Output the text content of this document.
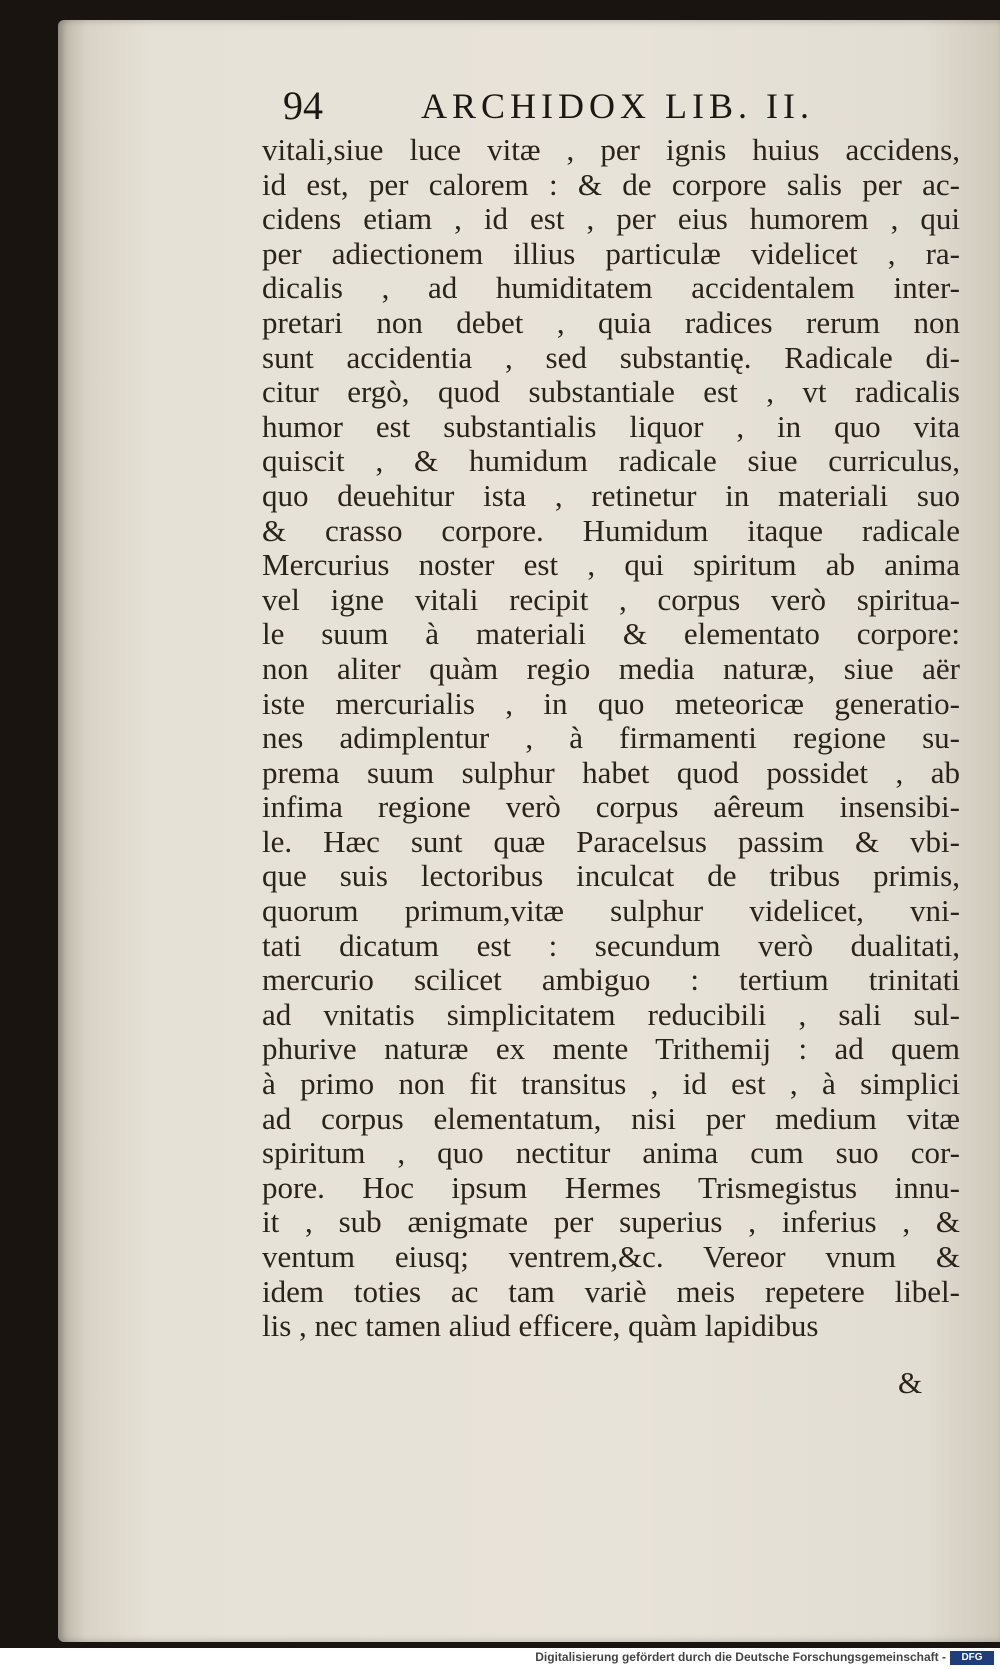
94	ARCHIDOX LIB. II.
vitali,siue luce vitæ , per ignis huius accidens,
id est, per calorem : & de corpore salis per ac-
cidens etiam , id est , per eius humorem , qui
per adiectionem illius particulæ videlicet , ra-
dicalis , ad humiditatem accidentalem inter-
pretari non debet , quia radices rerum non
sunt accidentia , sed substantię. Radicale di-
citur ergò, quod substantiale est , vt radicalis
humor est substantialis liquor , in quo vita
quiscit , & humidum radicale siue curriculus,
quo deuehitur ista , retinetur in materiali suo
& crasso corpore. Humidum itaque radicale
Mercurius noster est , qui spiritum ab anima
vel igne vitali recipit , corpus verò spiritua-
le suum à materiali & elementato corpore:
non aliter quàm regio media naturæ, siue aër
iste mercurialis , in quo meteoricæ generatio-
nes adimplentur , à firmamenti regione su-
prema suum sulphur habet quod possidet , ab
infima regione verò corpus aêreum insensibi-
le. Hæc sunt quæ Paracelsus passim & vbi-
que suis lectoribus inculcat de tribus primis,
quorum primum,vitæ sulphur videlicet, vni-
tati dicatum est : secundum verò dualitati,
mercurio scilicet ambiguo : tertium trinitati
ad vnitatis simplicitatem reducibili , sali sul-
phurive naturæ ex mente Trithemij : ad quem
à primo non fit transitus , id est , à simplici
ad corpus elementatum, nisi per medium vitæ
spiritum , quo nectitur anima cum suo cor-
pore. Hoc ipsum Hermes Trismegistus innu-
it , sub ænigmate per superius , inferius , &
ventum eiusq; ventrem,&c. Vereor vnum &
idem toties ac tam variè meis repetere libel-
lis , nec tamen aliud efficere, quàm lapidibus
&
Digitalisierung gefördert durch die Deutsche Forschungsgemeinschaft -	DFG
